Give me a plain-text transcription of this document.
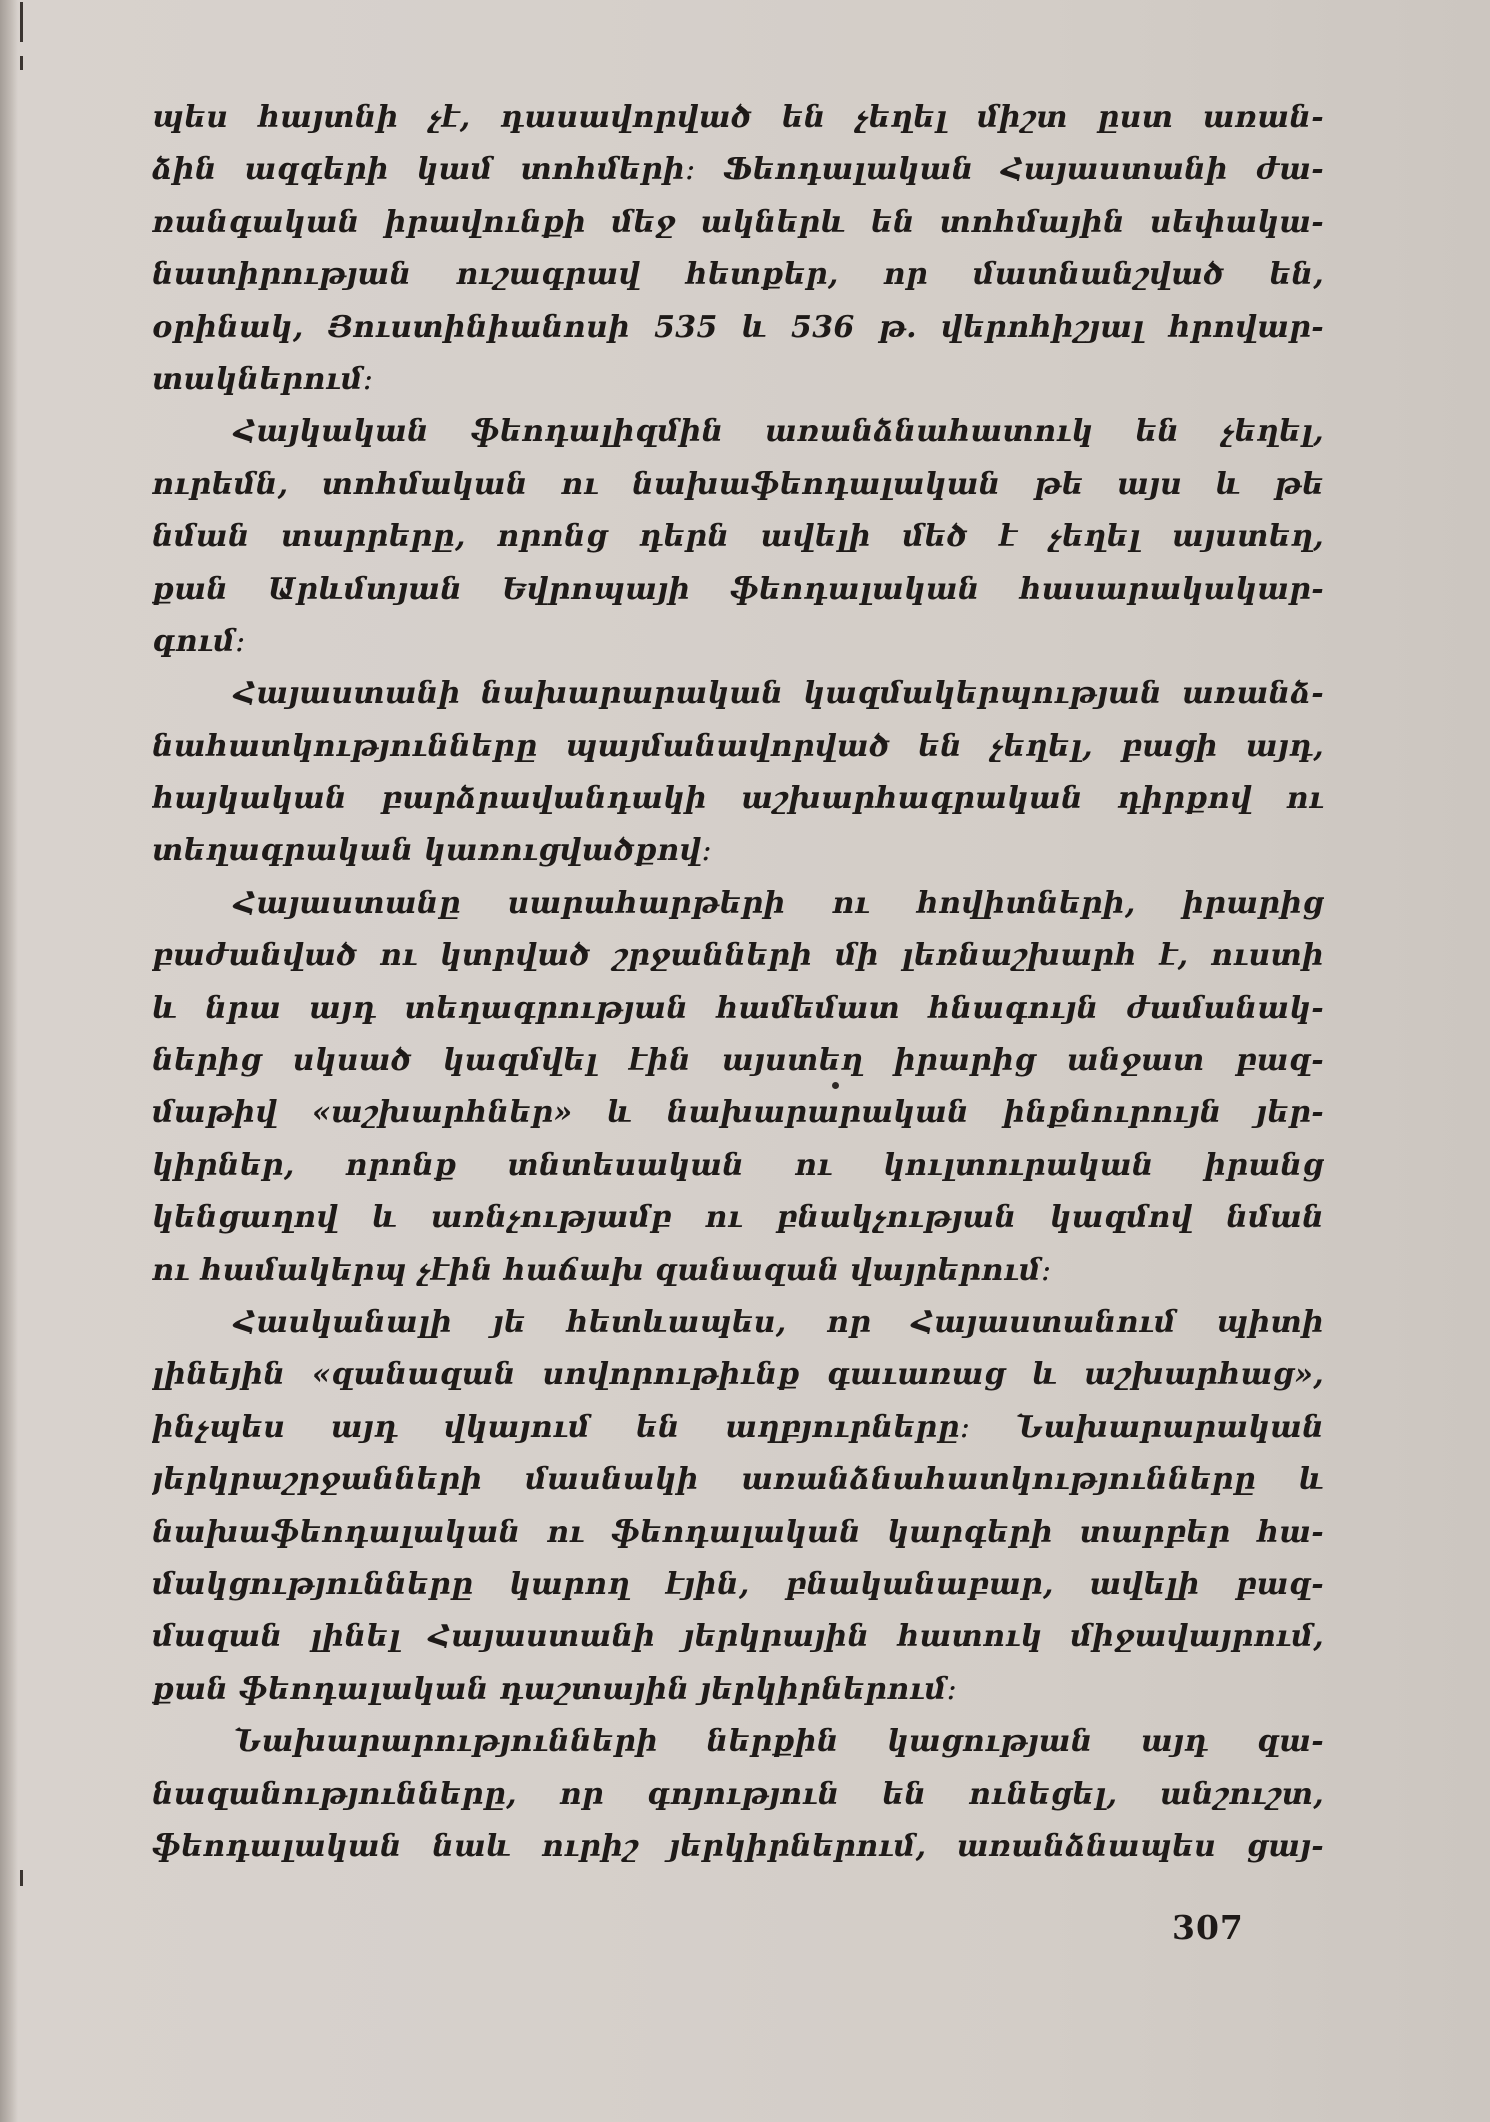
պես հայտնի չէ, դասավորված են չեղել միշտ ըստ առան-
ձին ազգերի կամ տոհմերի։ Ֆեոդալական Հայաստանի ժա-
ռանգական իրավունքի մեջ ակներև են տոհմային սեփակա-
նատիրության ուշագրավ հետքեր, որ մատնանշված են,
օրինակ, Յուստինիանոսի 535 և 536 թ. վերոհիշյալ հրովար-
տակներում։
Հայկական ֆեոդալիզմին առանձնահատուկ են չեղել,
ուրեմն, տոհմական ու նախաֆեոդալական թե այս և թե
նման տարրերը, որոնց դերն ավելի մեծ է չեղել այստեղ,
քան Արևմտյան Եվրոպայի ֆեոդալական հասարակակար-
գում։
Հայաստանի նախարարական կազմակերպության առանձ-
նահատկությունները պայմանավորված են չեղել, բացի այդ,
հայկական բարձրավանդակի աշխարհագրական դիրքով ու
տեղագրական կառուցվածքով։
Հայաստանը սարահարթերի ու հովիտների, իրարից
բաժանված ու կտրված շրջանների մի լեռնաշխարհ է, ուստի
և նրա այդ տեղագրության համեմատ հնագույն ժամանակ-
ներից սկսած կազմվել էին այստեղ իրարից անջատ բազ-
մաթիվ «աշխարհներ» և նախարարական ինքնուրույն յեր-
կիրներ, որոնք տնտեսական ու կուլտուրական իրանց
կենցաղով և առնչությամբ ու բնակչության կազմով նման
ու համակերպ չէին հաճախ զանազան վայրերում։
Հասկանալի յե հետևապես, որ Հայաստանում պիտի
լինեյին «զանազան սովորութիւնք գաւառաց և աշխարհաց»,
ինչպես այդ վկայում են աղբյուրները։ Նախարարական
յերկրաշրջանների մասնակի առանձնահատկությունները և
նախաֆեոդալական ու ֆեոդալական կարգերի տարբեր հա-
մակցությունները կարող էյին, բնականաբար, ավելի բազ-
մազան լինել Հայաստանի յերկրային հատուկ միջավայրում,
քան ֆեոդալական դաշտային յերկիրներում։
Նախարարությունների ներքին կացության այդ զա-
նազանությունները, որ գոյություն են ունեցել, անշուշտ,
ֆեոդալական նաև ուրիշ յերկիրներում, առանձնապես ցայ-
307
